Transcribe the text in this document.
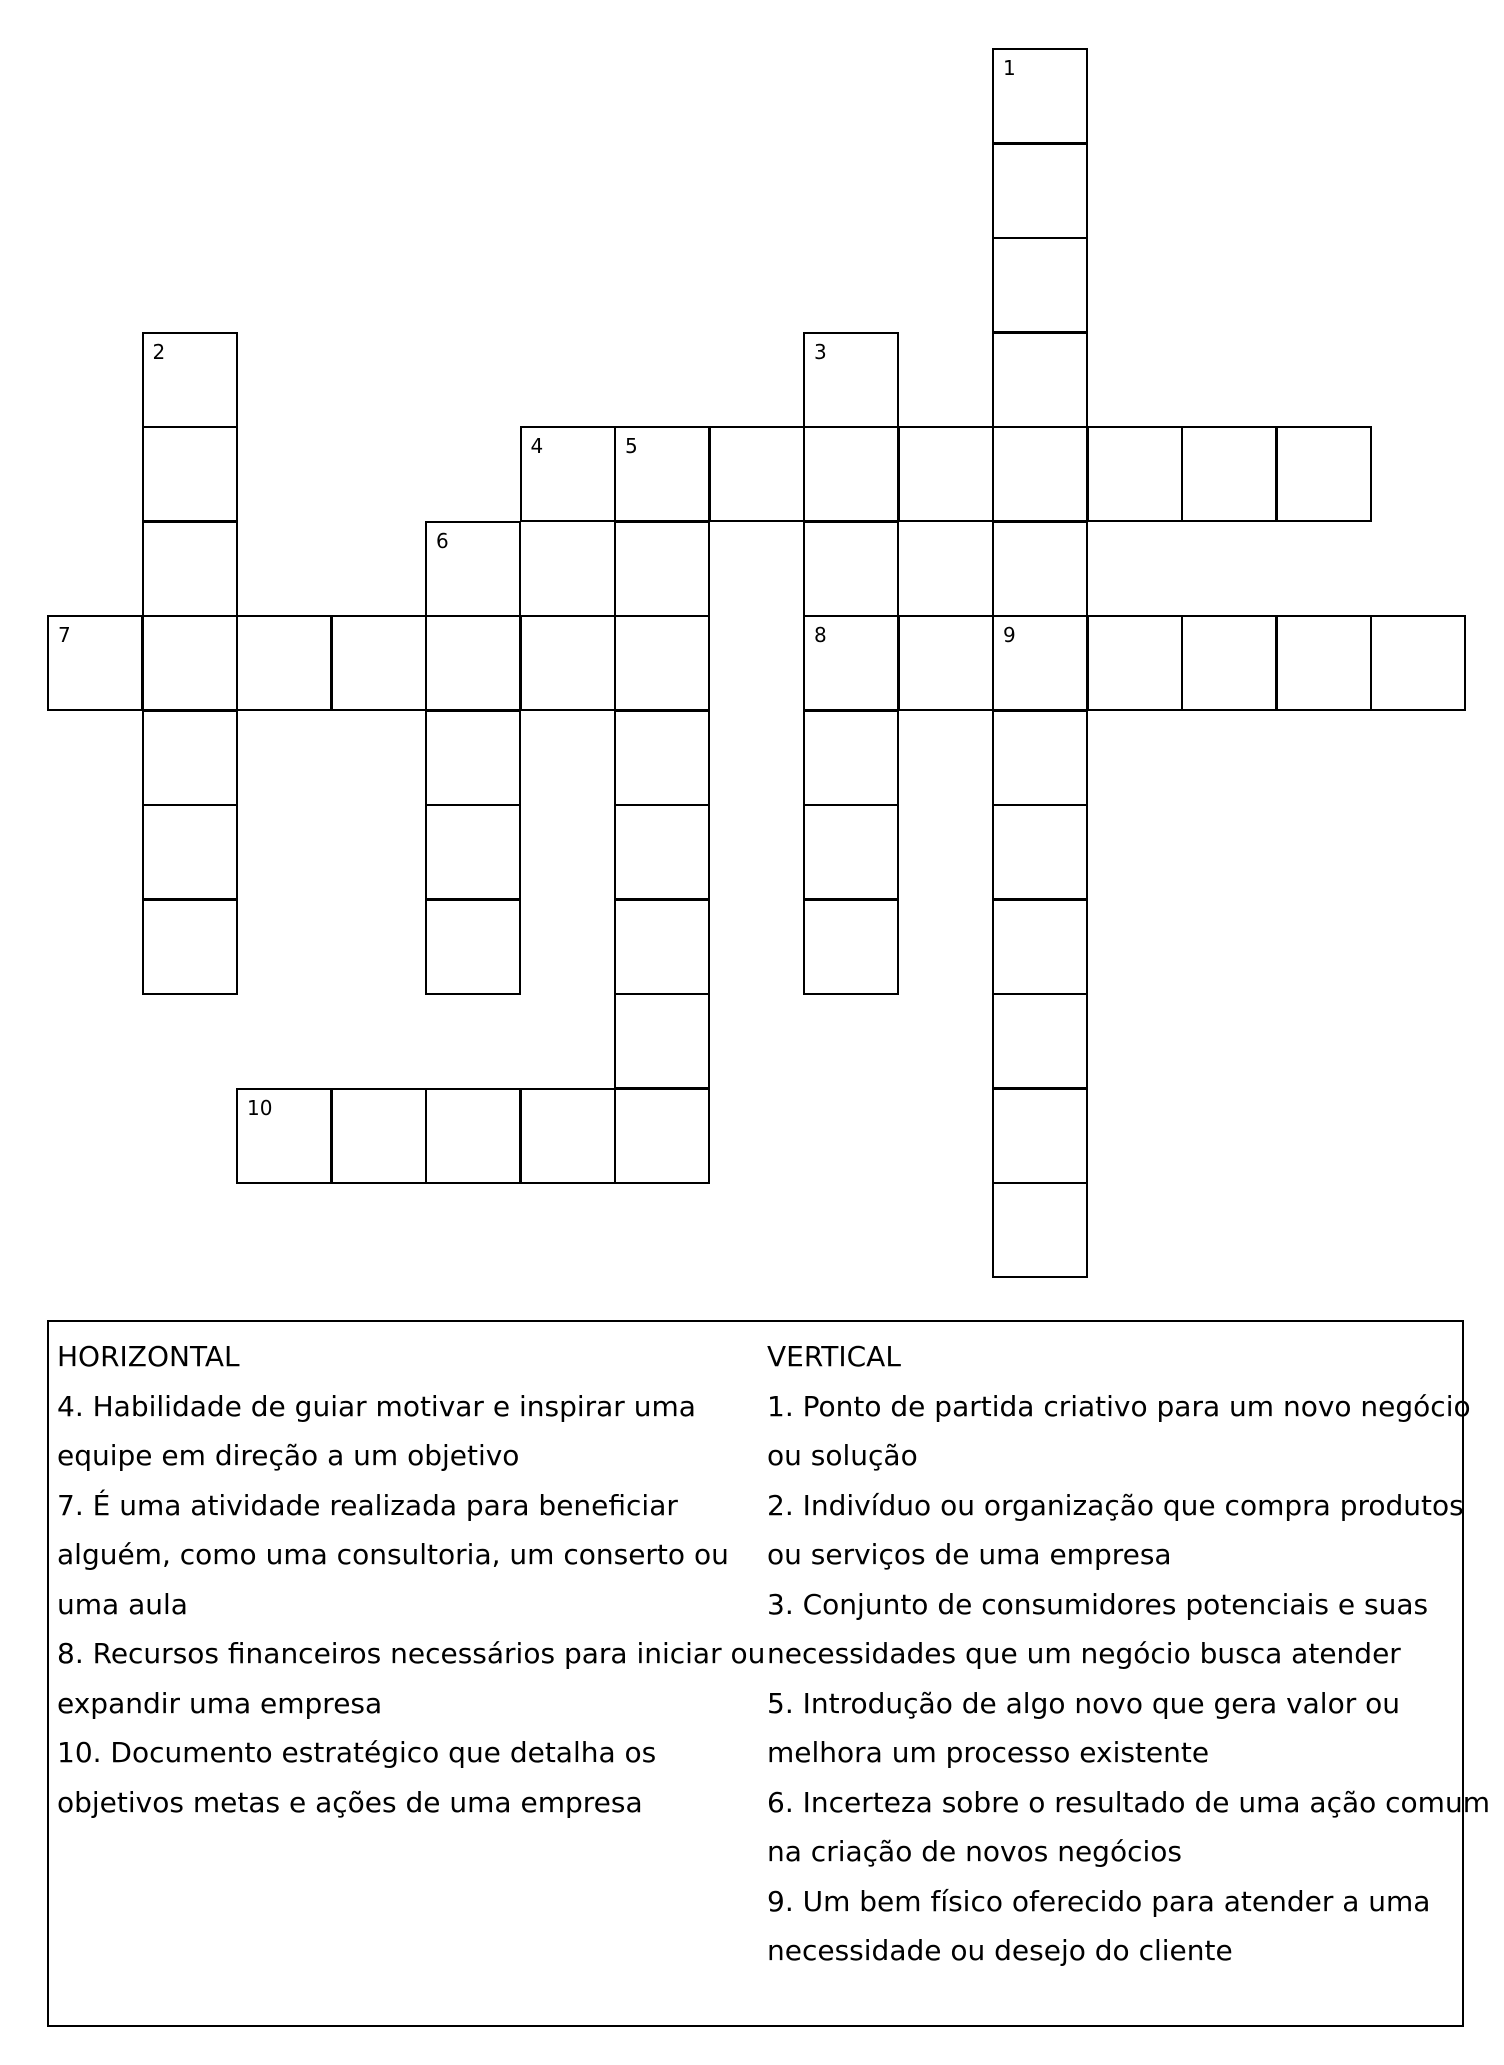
1
9
2	3
8
4	5
6
7
10
HORIZONTAL
4. Habilidade de guiar motivar e inspirar uma
equipe em direção a um objetivo
7. É uma atividade realizada para beneficiar
alguém, como uma consultoria, um conserto ou
uma aula
8. Recursos financeiros necessários para iniciar ou
expandir uma empresa
10. Documento estratégico que detalha os
objetivos metas e ações de uma empresa
VERTICAL
1. Ponto de partida criativo para um novo negócio
ou solução
2. Indivíduo ou organização que compra produtos
ou serviços de uma empresa
3. Conjunto de consumidores potenciais e suas
necessidades que um negócio busca atender
5. Introdução de algo novo que gera valor ou
melhora um processo existente
6. Incerteza sobre o resultado de uma ação comum
na criação de novos negócios
9. Um bem físico oferecido para atender a uma
necessidade ou desejo do cliente
